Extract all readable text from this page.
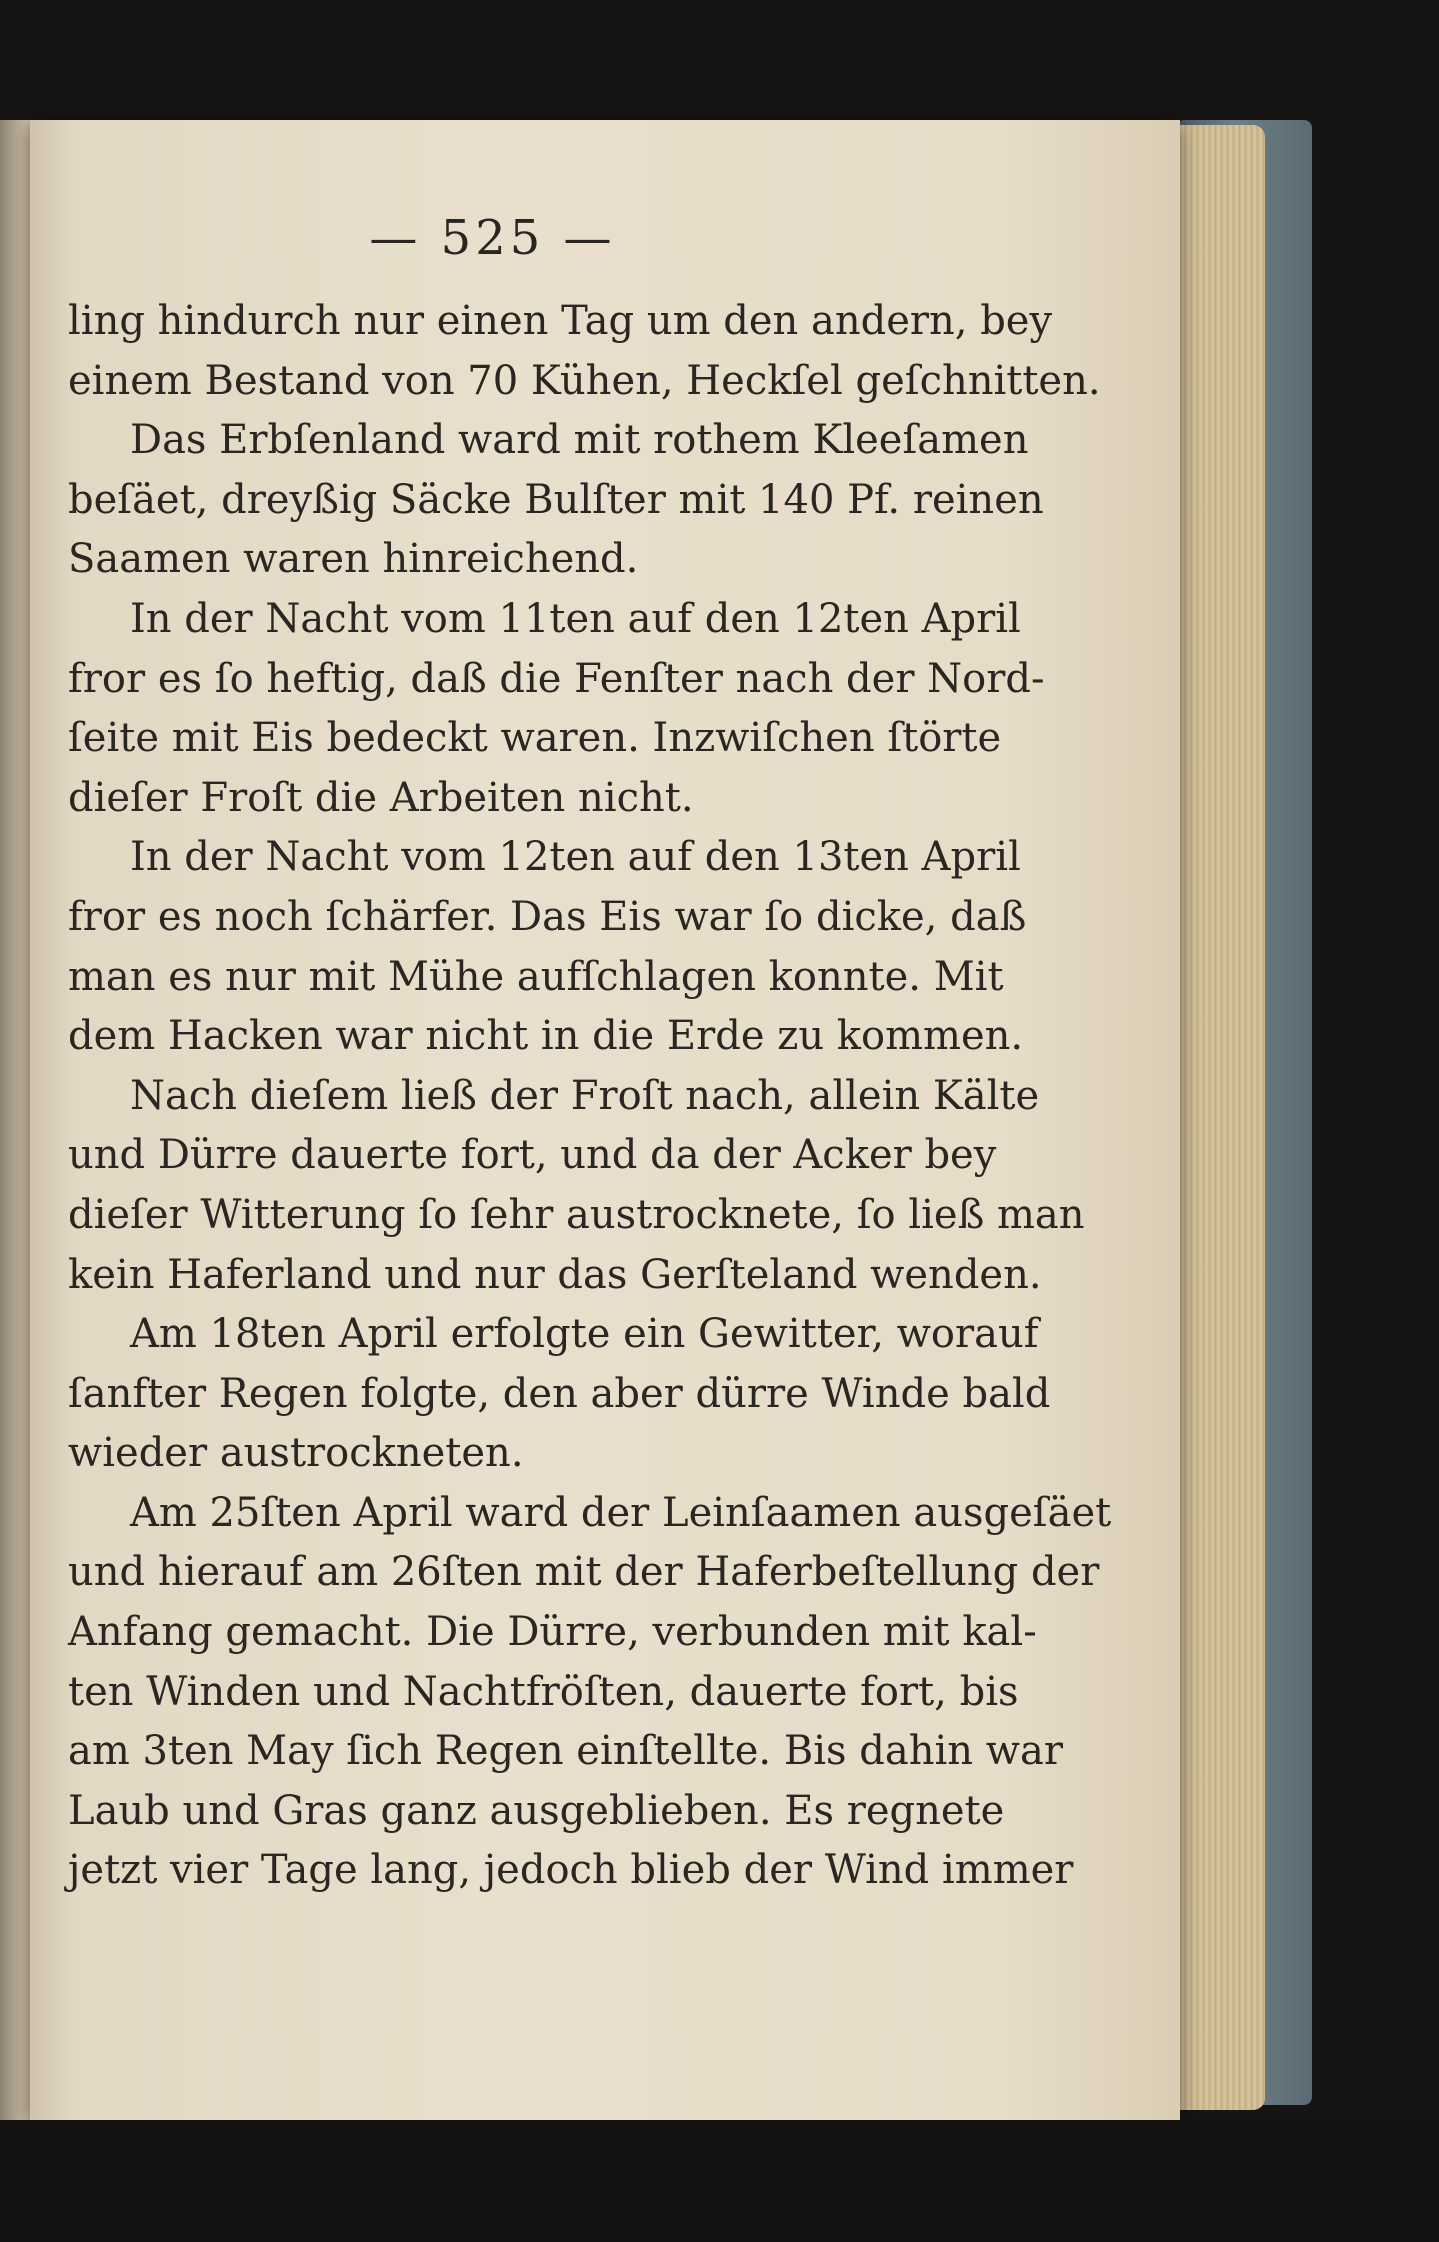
— 525 —
ling hindurch nur einen Tag um den andern, bey
einem Bestand von 70 Kühen, Heckſel geſchnitten.
Das Erbſenland ward mit rothem Kleeſamen
beſäet, dreyßig Säcke Bulſter mit 140 Pf. reinen
Saamen waren hinreichend.
In der Nacht vom 11ten auf den 12ten April
fror es ſo heftig, daß die Fenſter nach der Nord-
ſeite mit Eis bedeckt waren. Inzwiſchen ſtörte
dieſer Froſt die Arbeiten nicht.
In der Nacht vom 12ten auf den 13ten April
fror es noch ſchärfer. Das Eis war ſo dicke, daß
man es nur mit Mühe aufſchlagen konnte. Mit
dem Hacken war nicht in die Erde zu kommen.
Nach dieſem ließ der Froſt nach, allein Kälte
und Dürre dauerte fort, und da der Acker bey
dieſer Witterung ſo ſehr austrocknete, ſo ließ man
kein Haferland und nur das Gerſteland wenden.
Am 18ten April erfolgte ein Gewitter, worauf
ſanfter Regen folgte, den aber dürre Winde bald
wieder austrockneten.
Am 25ſten April ward der Leinſaamen ausgeſäet
und hierauf am 26ſten mit der Haferbeſtellung der
Anfang gemacht. Die Dürre, verbunden mit kal-
ten Winden und Nachtfröſten, dauerte fort, bis
am 3ten May ſich Regen einſtellte. Bis dahin war
Laub und Gras ganz ausgeblieben. Es regnete
jetzt vier Tage lang, jedoch blieb der Wind immer
